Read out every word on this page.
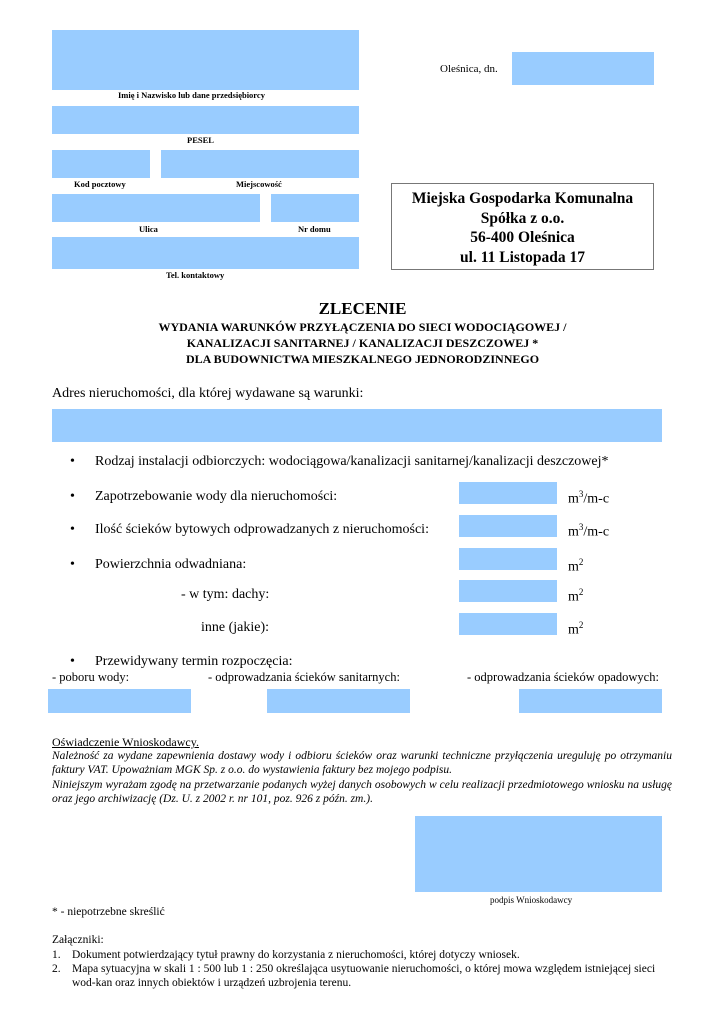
Imię i Nazwisko lub dane przedsiębiorcy
PESEL
Kod pocztowy	Miejscowość
Ulica	Nr domu
Tel. kontaktowy
Oleśnica, dn.
Miejska Gospodarka Komunalna
Spółka z o.o.
56-400 Oleśnica
ul. 11 Listopada 17
ZLECENIE
WYDANIA WARUNKÓW PRZYŁĄCZENIA DO SIECI WODOCIĄGOWEJ /
KANALIZACJI SANITARNEJ / KANALIZACJI DESZCZOWEJ *
DLA BUDOWNICTWA MIESZKALNEGO JEDNORODZINNEGO
Adres nieruchomości, dla której wydawane są warunki:
• Rodzaj instalacji odbiorczych: wodociągowa/kanalizacji sanitarnej/kanalizacji deszczowej*
• Zapotrzebowanie wody dla nieruchomości:	$m^3/m-c$
• Ilość ścieków bytowych odprowadzanych z nieruchomości:	$m^3/m-c$
• Powierzchnia odwadniana:	$m^2$
- w tym: dachy:	$m^2$
inne (jakie):	$m^2$
• Przewidywany termin rozpoczęcia:
- poboru wody:	- odprowadzania ścieków sanitarnych:	- odprowadzania ścieków opadowych:
Oświadczenie Wnioskodawcy.
Należność za wydane zapewnienia dostawy wody i odbioru ścieków oraz warunki techniczne przyłączenia ureguluję po otrzymaniu faktury VAT. Upoważniam MGK Sp. z o.o. do wystawienia faktury bez mojego podpisu.
Niniejszym wyrażam zgodę na przetwarzanie podanych wyżej danych osobowych w celu realizacji przedmiotowego wniosku na usługę oraz jego archiwizację (Dz. U. z 2002 r. nr 101, poz. 926 z późn. zm.).
podpis Wnioskodawcy
* - niepotrzebne skreślić
Załączniki:
1. Dokument potwierdzający tytuł prawny do korzystania z nieruchomości, której dotyczy wniosek.
2. Mapa sytuacyjna w skali 1 : 500 lub 1 : 250 określająca usytuowanie nieruchomości, o której mowa względem istniejącej sieci wod-kan oraz innych obiektów i urządzeń uzbrojenia terenu.
